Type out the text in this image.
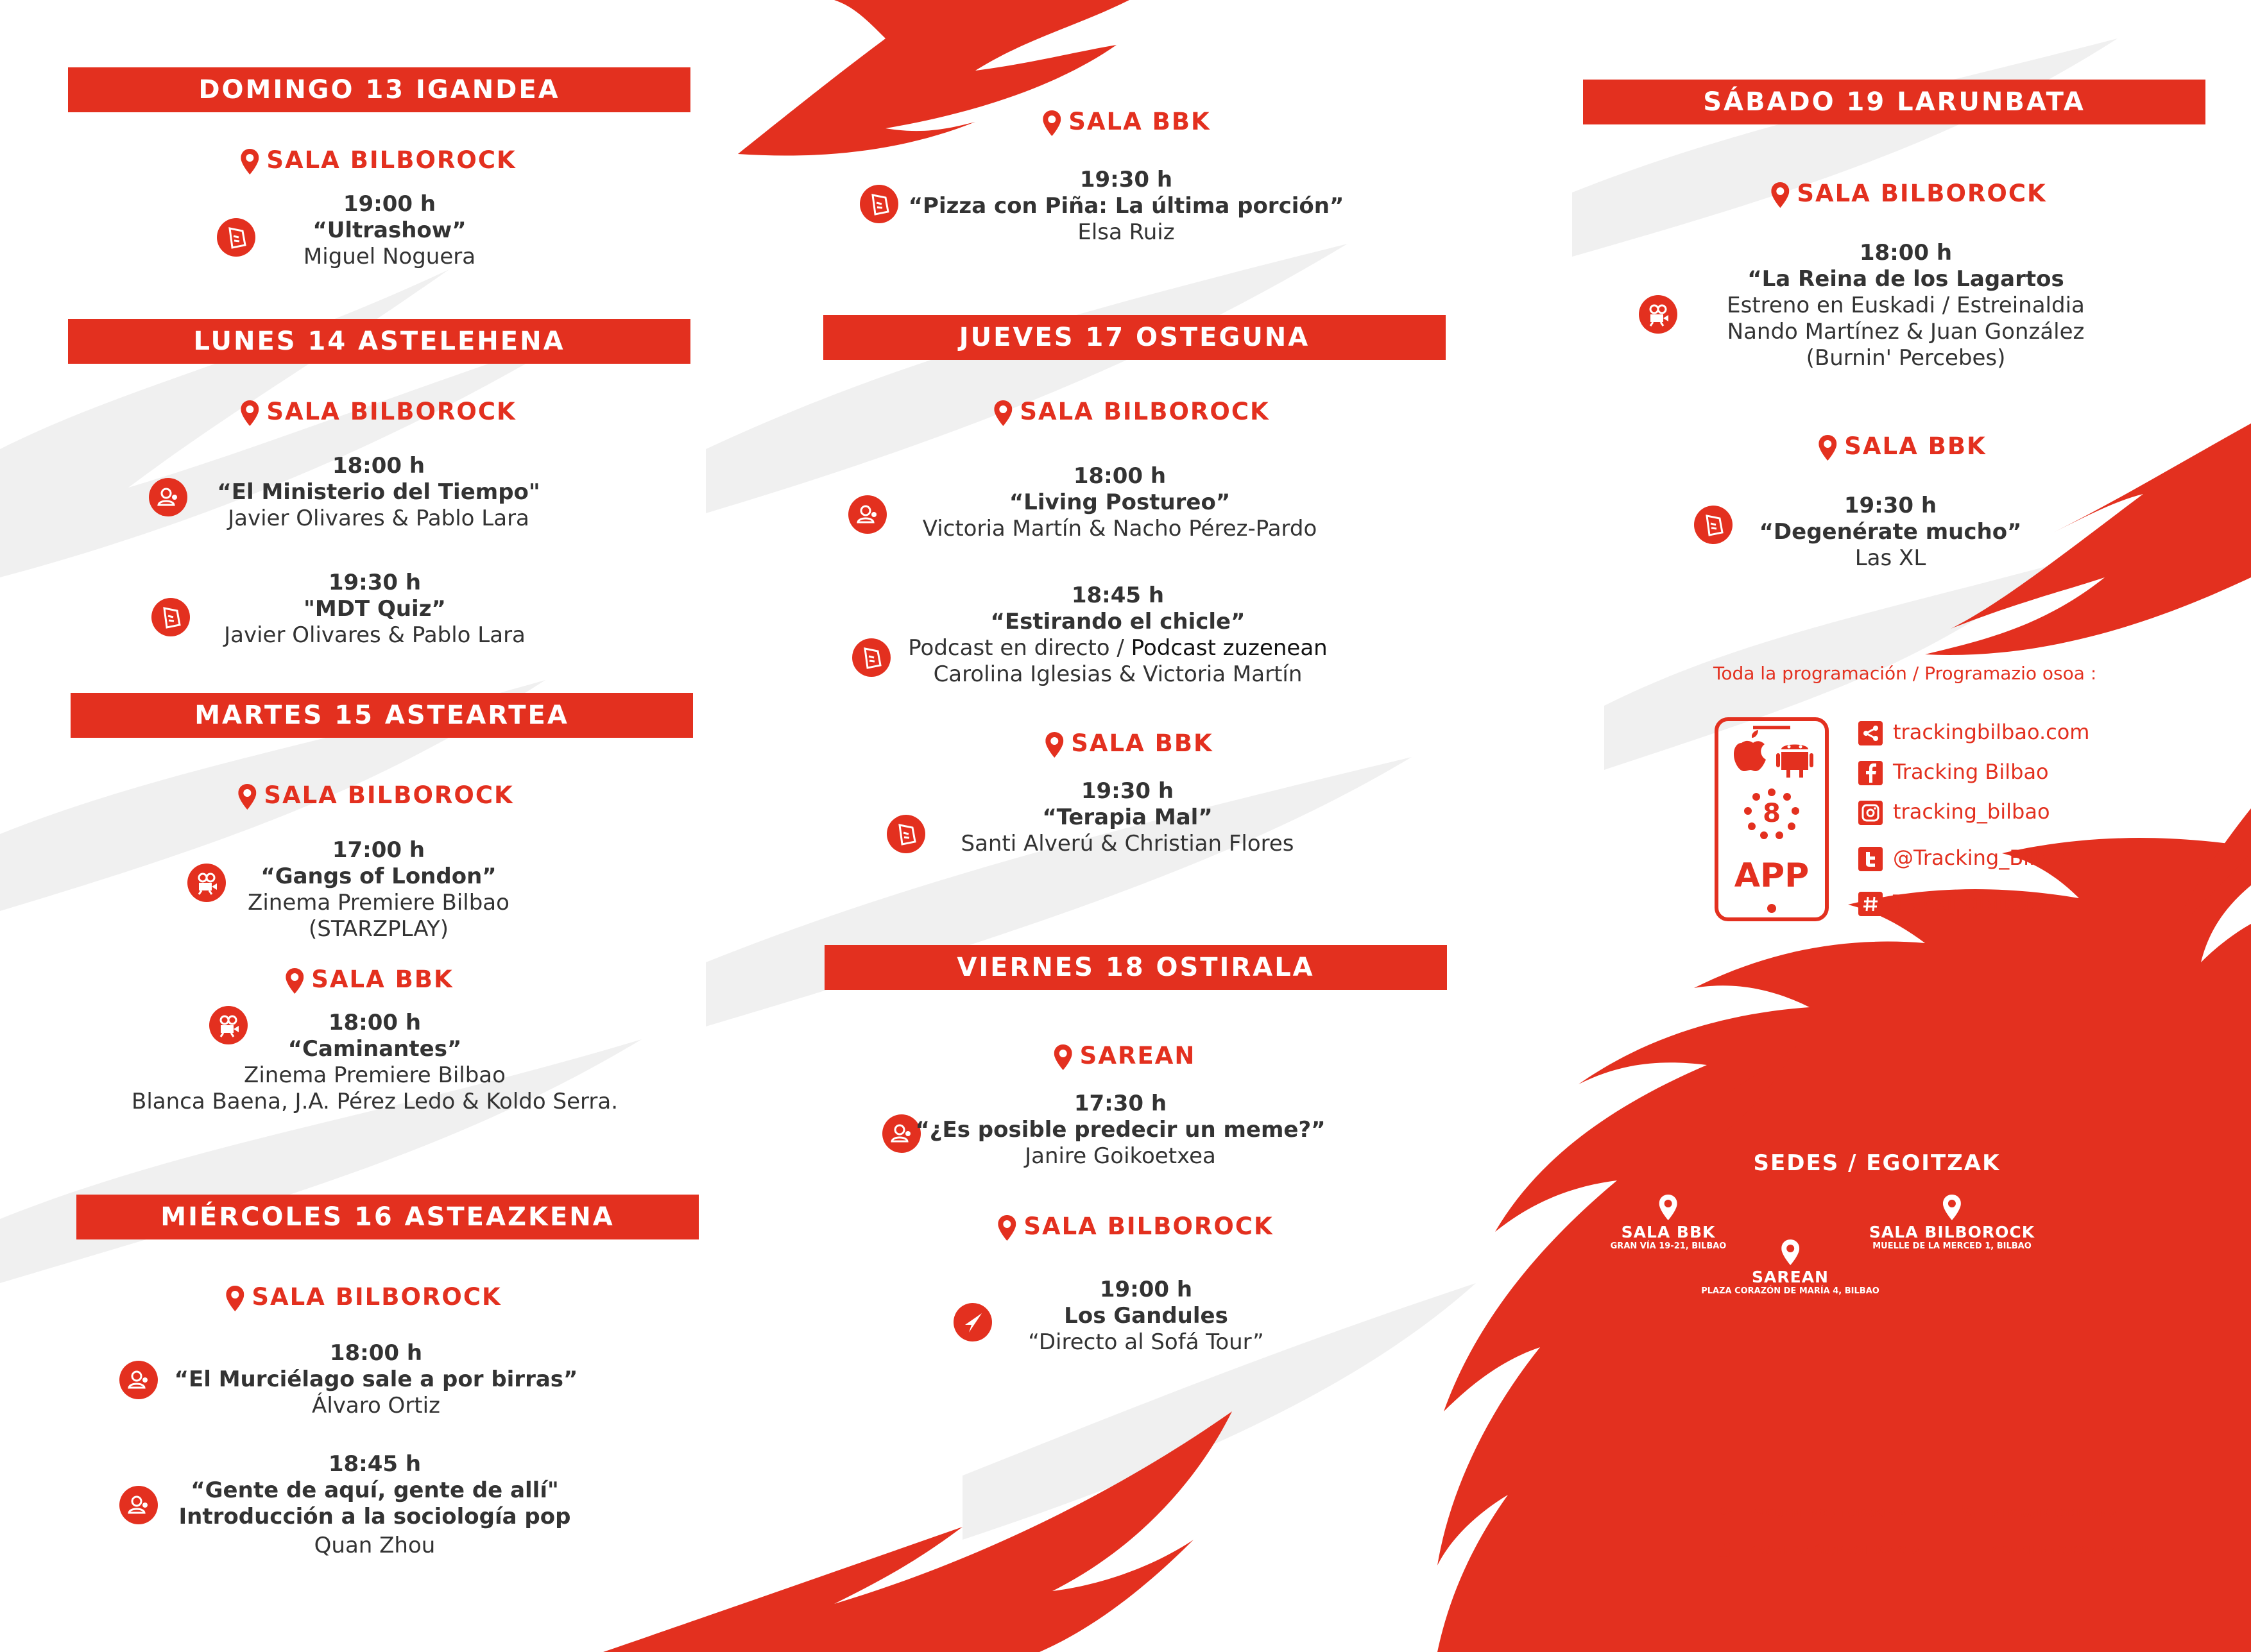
DOMINGO 13 IGANDEA
SALA BILBOROCK
19:00 h
“Ultrashow”
Miguel Noguera
LUNES 14 ASTELEHENA
SALA BILBOROCK
18:00 h
“El Ministerio del Tiempo"
Javier Olivares & Pablo Lara
19:30 h
"MDT Quiz”
Javier Olivares & Pablo Lara
MARTES 15 ASTEARTEA
SALA BILBOROCK
17:00 h
“Gangs of London”
Zinema Premiere Bilbao
(STARZPLAY)
SALA BBK
18:00 h
“Caminantes”
Zinema Premiere Bilbao
Blanca Baena, J.A. Pérez Ledo & Koldo Serra.
MIÉRCOLES 16 ASTEAZKENA
SALA BILBOROCK
18:00 h
“El Murciélago sale a por birras”
Álvaro Ortiz
18:45 h
“Gente de aquí, gente de allí"
Introducción a la sociología pop
Quan Zhou
SALA BBK
19:30 h
“Pizza con Piña: La última porción”
Elsa Ruiz
JUEVES 17 OSTEGUNA
SALA BILBOROCK
18:00 h
“Living Postureo”
Victoria Martín & Nacho Pérez-Pardo
18:45 h
“Estirando el chicle”
Podcast en directo / Podcast zuzenean
Carolina Iglesias & Victoria Martín
SALA BBK
19:30 h
“Terapia Mal”
Santi Alverú & Christian Flores
VIERNES 18 OSTIRALA
SAREAN
17:30 h
“¿Es posible predecir un meme?”
Janire Goikoetxea
SALA BILBOROCK
19:00 h
Los Gandules
“Directo al Sofá Tour”
SÁBADO 19 LARUNBATA
SALA BILBOROCK
18:00 h
“La Reina de los Lagartos
Estreno en Euskadi / Estreinaldia
Nando Martínez & Juan González
(Burnin' Percebes)
SALA BBK
19:30 h
“Degenérate mucho”
Las XL
Toda la programación / Programazio osoa :
8
APP
trackingbilbao.com
Tracking Bilbao
tracking_bilbao
@Tracking_Bilbao
TrackingBilbao8
SEDES / EGOITZAK
SALA BBK
GRAN VÍA 19-21, BILBAO
SALA BILBOROCK
MUELLE DE LA MERCED 1, BILBAO
SAREAN
PLAZA CORAZÓN DE MARÍA 4, BILBAO
ENCUENTRO / TOPAKETA	SHOW/IKUSKIZUNA
PROYECCIÓN/PROIEKZIOIA	CONCIERTO/KONTZERTUA
